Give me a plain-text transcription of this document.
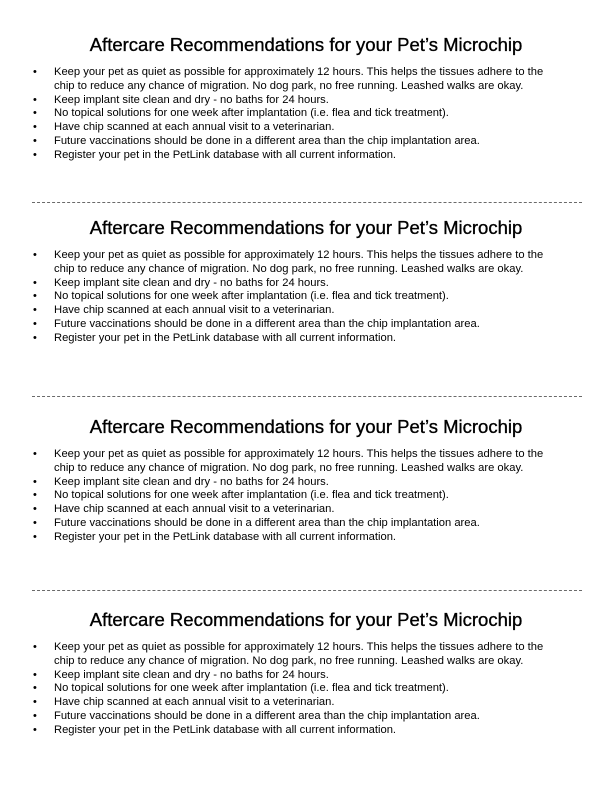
Aftercare Recommendations for your Pet’s Microchip
• Keep your pet as quiet as possible for approximately 12 hours. This helps the tissues adhere to the chip to reduce any chance of migration. No dog park, no free running. Leashed walks are okay.
• Keep implant site clean and dry - no baths for 24 hours.
• No topical solutions for one week after implantation (i.e. flea and tick treatment).
• Have chip scanned at each annual visit to a veterinarian.
• Future vaccinations should be done in a different area than the chip implantation area.
• Register your pet in the PetLink database with all current information.
Aftercare Recommendations for your Pet’s Microchip
• Keep your pet as quiet as possible for approximately 12 hours. This helps the tissues adhere to the chip to reduce any chance of migration. No dog park, no free running. Leashed walks are okay.
• Keep implant site clean and dry - no baths for 24 hours.
• No topical solutions for one week after implantation (i.e. flea and tick treatment).
• Have chip scanned at each annual visit to a veterinarian.
• Future vaccinations should be done in a different area than the chip implantation area.
• Register your pet in the PetLink database with all current information.
Aftercare Recommendations for your Pet’s Microchip
• Keep your pet as quiet as possible for approximately 12 hours. This helps the tissues adhere to the chip to reduce any chance of migration. No dog park, no free running. Leashed walks are okay.
• Keep implant site clean and dry - no baths for 24 hours.
• No topical solutions for one week after implantation (i.e. flea and tick treatment).
• Have chip scanned at each annual visit to a veterinarian.
• Future vaccinations should be done in a different area than the chip implantation area.
• Register your pet in the PetLink database with all current information.
Aftercare Recommendations for your Pet’s Microchip
• Keep your pet as quiet as possible for approximately 12 hours. This helps the tissues adhere to the chip to reduce any chance of migration. No dog park, no free running. Leashed walks are okay.
• Keep implant site clean and dry - no baths for 24 hours.
• No topical solutions for one week after implantation (i.e. flea and tick treatment).
• Have chip scanned at each annual visit to a veterinarian.
• Future vaccinations should be done in a different area than the chip implantation area.
• Register your pet in the PetLink database with all current information.
